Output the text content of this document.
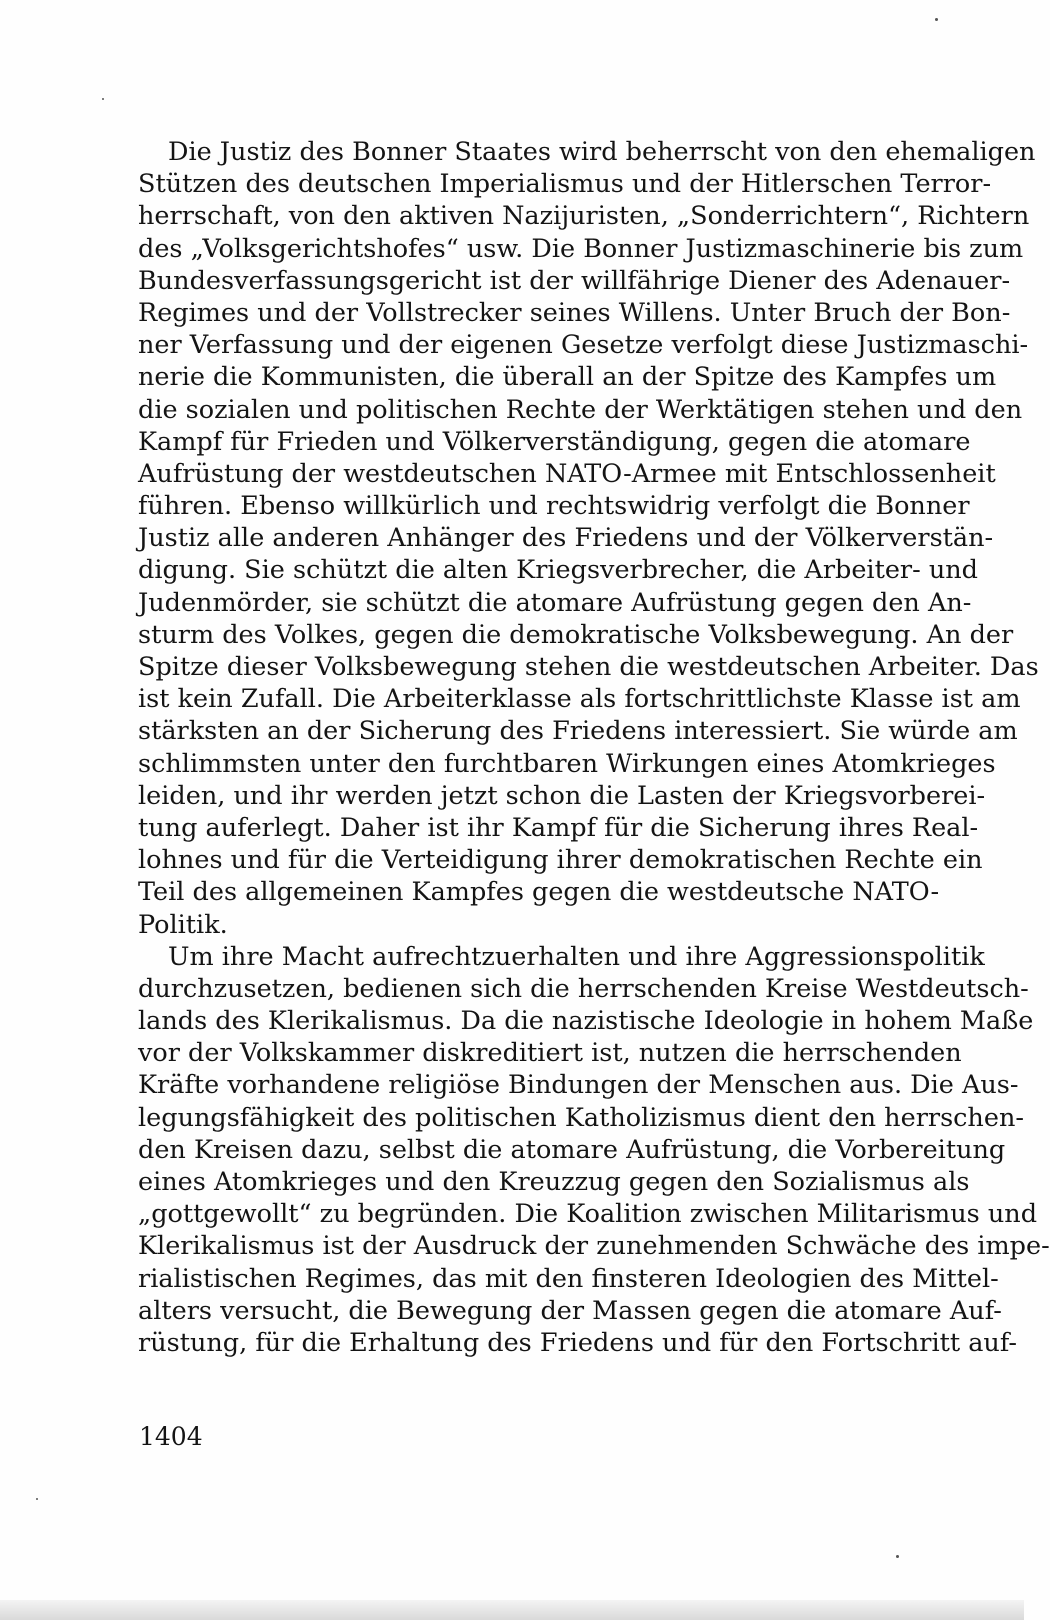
Die Justiz des Bonner Staates wird beherrscht von den ehemaligen
Stützen des deutschen Imperialismus und der Hitlerschen Terror-
herrschaft, von den aktiven Nazijuristen, „Sonderrichtern“, Richtern
des „Volksgerichtshofes“ usw. Die Bonner Justizmaschinerie bis zum
Bundesverfassungsgericht ist der willfährige Diener des Adenauer-
Regimes und der Vollstrecker seines Willens. Unter Bruch der Bon-
ner Verfassung und der eigenen Gesetze verfolgt diese Justizmaschi-
nerie die Kommunisten, die überall an der Spitze des Kampfes um
die sozialen und politischen Rechte der Werktätigen stehen und den
Kampf für Frieden und Völkerverständigung, gegen die atomare
Aufrüstung der westdeutschen NATO-Armee mit Entschlossenheit
führen. Ebenso willkürlich und rechtswidrig verfolgt die Bonner
Justiz alle anderen Anhänger des Friedens und der Völkerverstän-
digung. Sie schützt die alten Kriegsverbrecher, die Arbeiter- und
Judenmörder, sie schützt die atomare Aufrüstung gegen den An-
sturm des Volkes, gegen die demokratische Volksbewegung. An der
Spitze dieser Volksbewegung stehen die westdeutschen Arbeiter. Das
ist kein Zufall. Die Arbeiterklasse als fortschrittlichste Klasse ist am
stärksten an der Sicherung des Friedens interessiert. Sie würde am
schlimmsten unter den furchtbaren Wirkungen eines Atomkrieges
leiden, und ihr werden jetzt schon die Lasten der Kriegsvorberei-
tung auferlegt. Daher ist ihr Kampf für die Sicherung ihres Real-
lohnes und für die Verteidigung ihrer demokratischen Rechte ein
Teil des allgemeinen Kampfes gegen die westdeutsche NATO-
Politik.
Um ihre Macht aufrechtzuerhalten und ihre Aggressionspolitik
durchzusetzen, bedienen sich die herrschenden Kreise Westdeutsch-
lands des Klerikalismus. Da die nazistische Ideologie in hohem Maße
vor der Volkskammer diskreditiert ist, nutzen die herrschenden
Kräfte vorhandene religiöse Bindungen der Menschen aus. Die Aus-
legungsfähigkeit des politischen Katholizismus dient den herrschen-
den Kreisen dazu, selbst die atomare Aufrüstung, die Vorbereitung
eines Atomkrieges und den Kreuzzug gegen den Sozialismus als
„gottgewollt“ zu begründen. Die Koalition zwischen Militarismus und
Klerikalismus ist der Ausdruck der zunehmenden Schwäche des impe-
rialistischen Regimes, das mit den finsteren Ideologien des Mittel-
alters versucht, die Bewegung der Massen gegen die atomare Auf-
rüstung, für die Erhaltung des Friedens und für den Fortschritt auf-
1404
